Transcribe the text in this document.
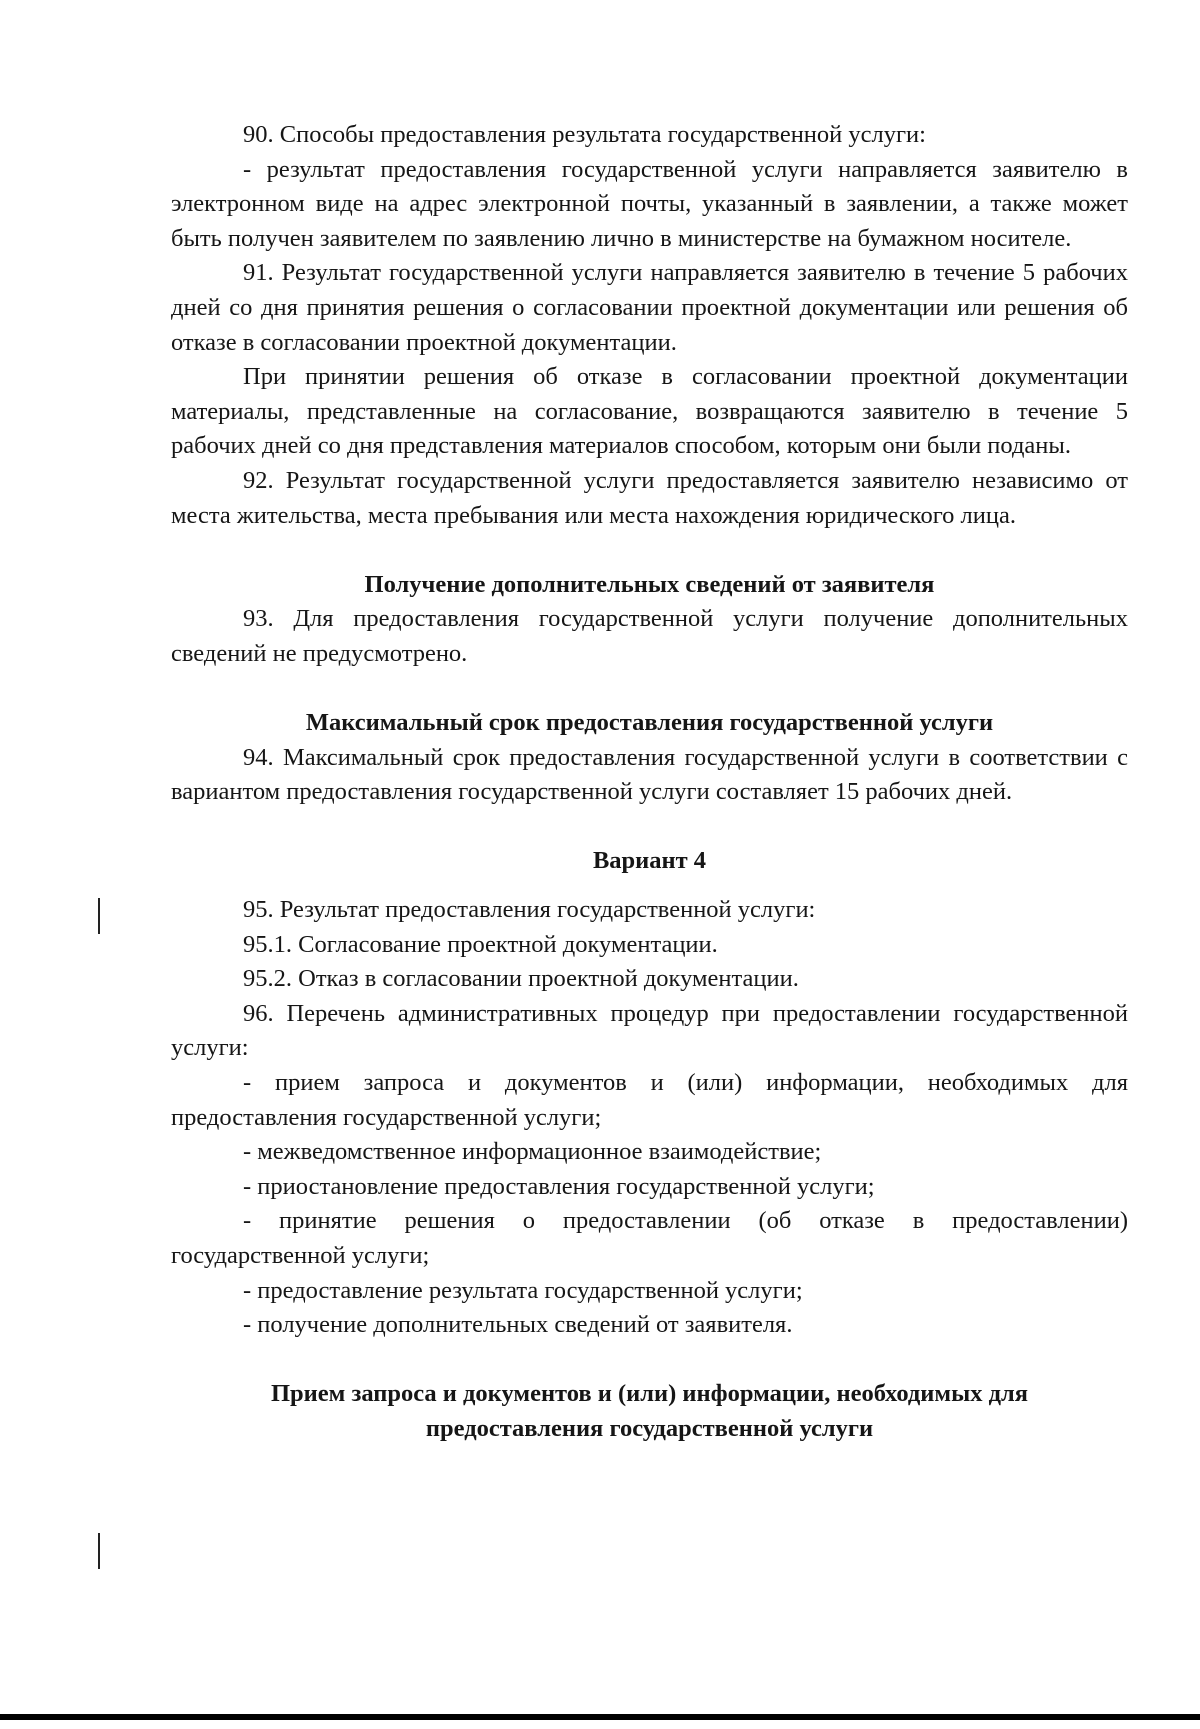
90. Способы предоставления результата государственной услуги:

- результат предоставления государственной услуги направляется заявителю в электронном виде на адрес электронной почты, указанный в заявлении, а также может быть получен заявителем по заявлению лично в министерстве на бумажном носителе.

91. Результат государственной услуги направляется заявителю в течение 5 рабочих дней со дня принятия решения о согласовании проектной документации или решения об отказе в согласовании проектной документации.

При принятии решения об отказе в согласовании проектной документации материалы, представленные на согласование, возвращаются заявителю в течение 5 рабочих дней со дня представления материалов способом, которым они были поданы.

92. Результат государственной услуги предоставляется заявителю независимо от места жительства, места пребывания или места нахождения юридического лица.

Получение дополнительных сведений от заявителя

93. Для предоставления государственной услуги получение дополнительных сведений не предусмотрено.

Максимальный срок предоставления государственной услуги

94. Максимальный срок предоставления государственной услуги в соответствии с вариантом предоставления государственной услуги составляет 15 рабочих дней.

Вариант 4

95. Результат предоставления государственной услуги:

95.1. Согласование проектной документации.

95.2. Отказ в согласовании проектной документации.

96. Перечень административных процедур при предоставлении государственной услуги:

- прием запроса и документов и (или) информации, необходимых для предоставления государственной услуги;

- межведомственное информационное взаимодействие;

- приостановление предоставления государственной услуги;

- принятие решения о предоставлении (об отказе в предоставлении) государственной услуги;

- предоставление результата государственной услуги;

- получение дополнительных сведений от заявителя.

Прием запроса и документов и (или) информации, необходимых для

предоставления государственной услуги
